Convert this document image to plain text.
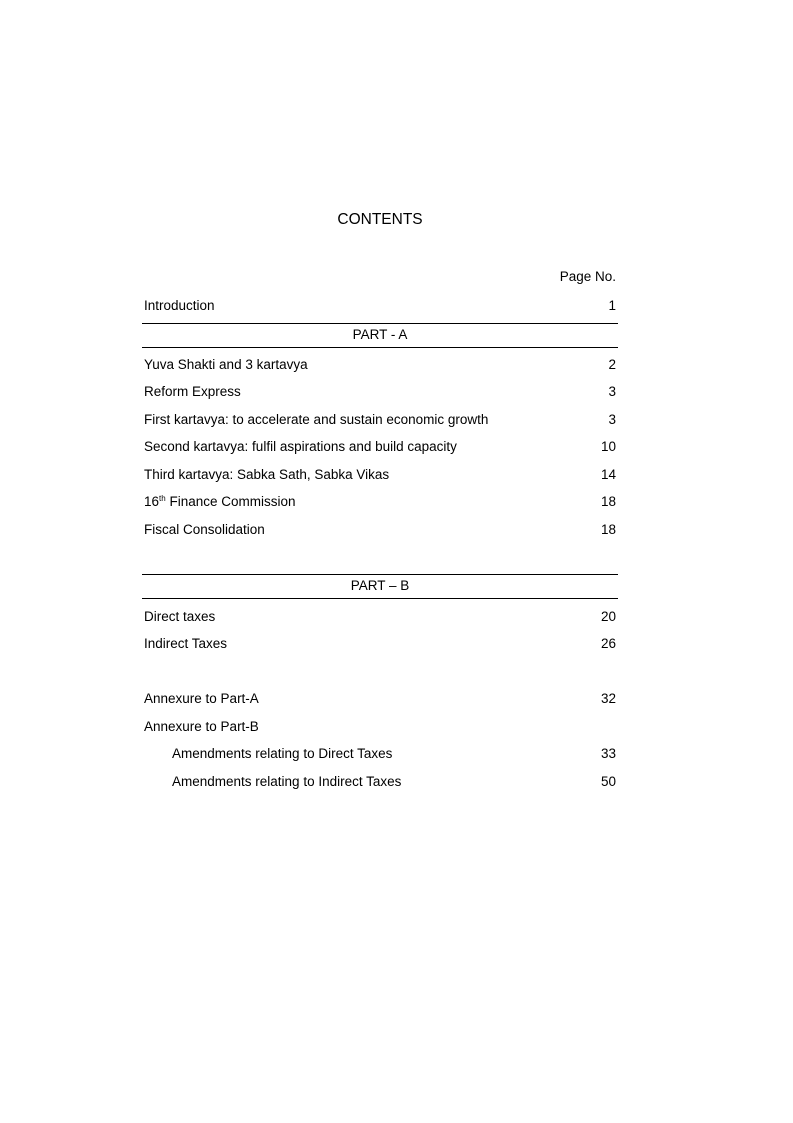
CONTENTS
Page No.
Introduction	1
PART - A
Yuva Shakti and 3 kartavya	2
Reform Express	3
First kartavya: to accelerate and sustain economic growth	3
Second kartavya: fulfil aspirations and build capacity	10
Third kartavya: Sabka Sath, Sabka Vikas	14
16th Finance Commission	18
Fiscal Consolidation	18
PART – B
Direct taxes	20
Indirect Taxes	26
Annexure to Part-A	32
Annexure to Part-B
Amendments relating to Direct Taxes	33
Amendments relating to Indirect Taxes	50
